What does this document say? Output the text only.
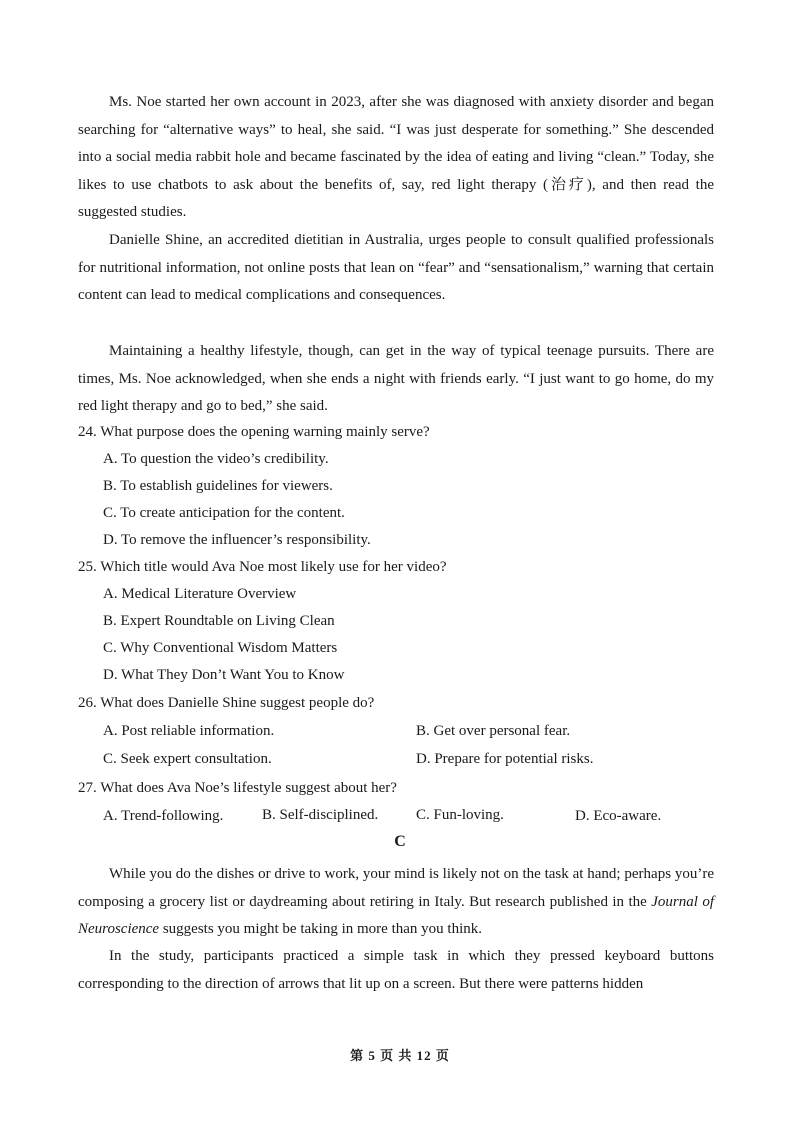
Ms. Noe started her own account in 2023, after she was diagnosed with anxiety disorder and began searching for “alternative ways” to heal, she said. “I was just desperate for something.” She descended into a social media rabbit hole and became fascinated by the idea of eating and living “clean.” Today, she likes to use chatbots to ask about the benefits of, say, red light therapy (治疗), and then read the suggested studies.

Danielle Shine, an accredited dietitian in Australia, urges people to consult qualified professionals for nutritional information, not online posts that lean on “fear” and “sensationalism,” warning that certain content can lead to medical complications and consequences.

Maintaining a healthy lifestyle, though, can get in the way of typical teenage pursuits. There are times, Ms. Noe acknowledged, when she ends a night with friends early. “I just want to go home, do my red light therapy and go to bed,” she said.

24. What purpose does the opening warning mainly serve?

A. To question the video’s credibility.

B. To establish guidelines for viewers.

C. To create anticipation for the content.

D. To remove the influencer’s responsibility.

25. Which title would Ava Noe most likely use for her video?

A. Medical Literature Overview

B. Expert Roundtable on Living Clean

C. Why Conventional Wisdom Matters

D. What They Don’t Want You to Know

26. What does Danielle Shine suggest people do?

A. Post reliable information.	B. Get over personal fear.

C. Seek expert consultation.	D. Prepare for potential risks.

27. What does Ava Noe’s lifestyle suggest about her?

A. Trend-following.	B. Self-disciplined.	C. Fun-loving.	D. Eco-aware.

C

While you do the dishes or drive to work, your mind is likely not on the task at hand; perhaps you’re composing a grocery list or daydreaming about retiring in Italy. But research published in the Journal of Neuroscience suggests you might be taking in more than you think.

In the study, participants practiced a simple task in which they pressed keyboard buttons corresponding to the direction of arrows that lit up on a screen. But there were patterns hidden

第 5 页 共 12 页
